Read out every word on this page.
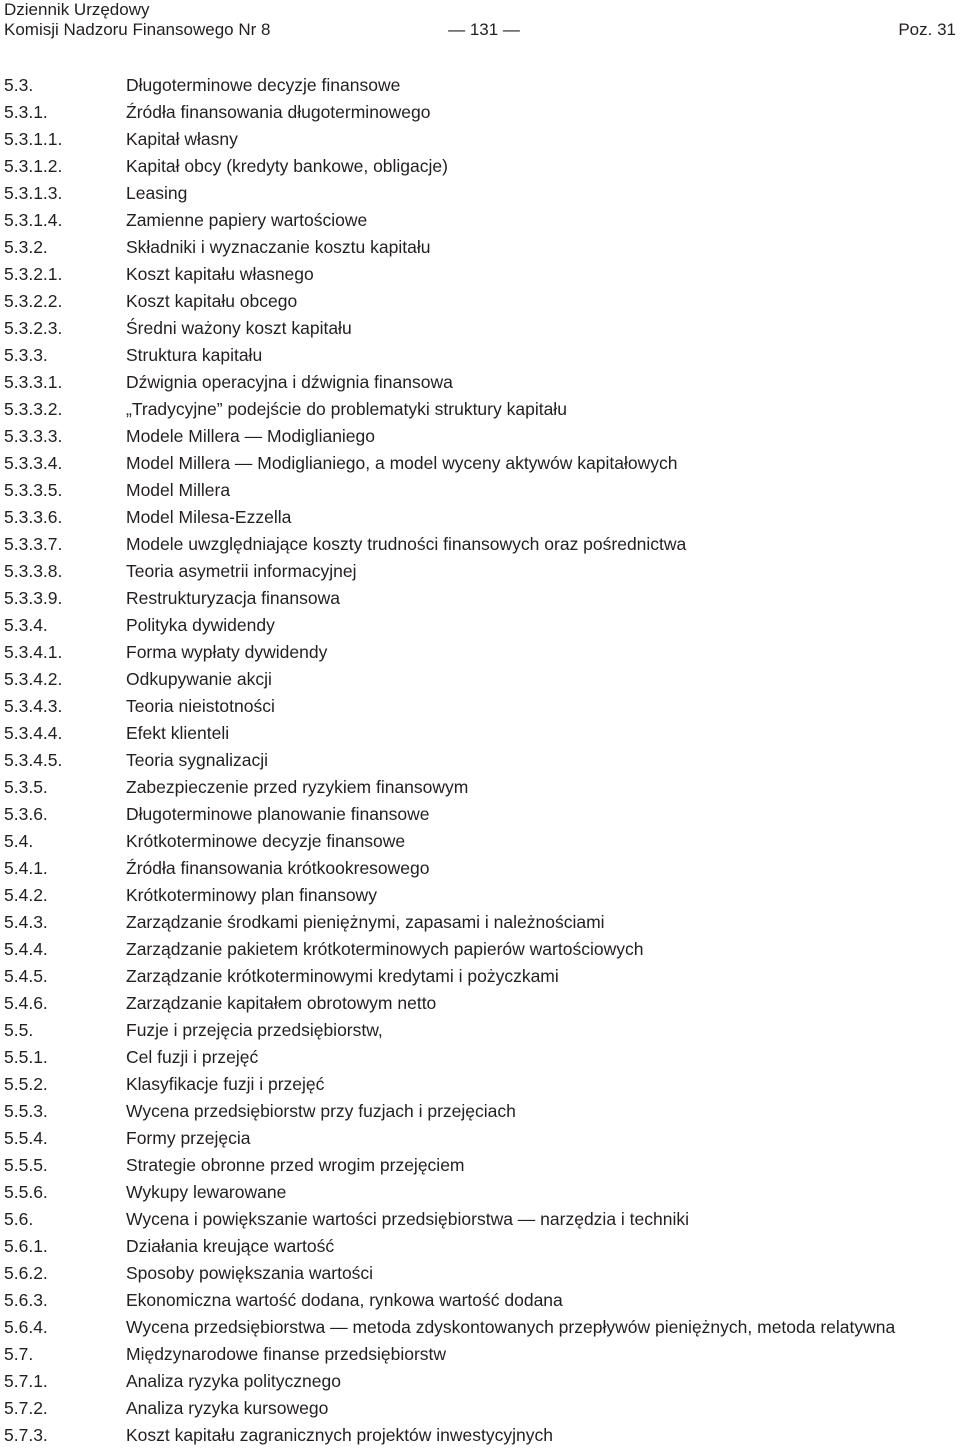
Dziennik Urzędowy
Komisji Nadzoru Finansowego Nr 8	— 131 —	Poz. 31
5.3.	Długoterminowe decyzje finansowe
5.3.1.	Źródła finansowania długoterminowego
5.3.1.1.	Kapitał własny
5.3.1.2.	Kapitał obcy (kredyty bankowe, obligacje)
5.3.1.3.	Leasing
5.3.1.4.	Zamienne papiery wartościowe
5.3.2.	Składniki i wyznaczanie kosztu kapitału
5.3.2.1.	Koszt kapitału własnego
5.3.2.2.	Koszt kapitału obcego
5.3.2.3.	Średni ważony koszt kapitału
5.3.3.	Struktura kapitału
5.3.3.1.	Dźwignia operacyjna i dźwignia finansowa
5.3.3.2.	„Tradycyjne” podejście do problematyki struktury kapitału
5.3.3.3.	Modele Millera — Modiglianiego
5.3.3.4.	Model Millera — Modiglianiego, a model wyceny aktywów kapitałowych
5.3.3.5.	Model Millera
5.3.3.6.	Model Milesa-Ezzella
5.3.3.7.	Modele uwzględniające koszty trudności finansowych oraz pośrednictwa
5.3.3.8.	Teoria asymetrii informacyjnej
5.3.3.9.	Restrukturyzacja finansowa
5.3.4.	Polityka dywidendy
5.3.4.1.	Forma wypłaty dywidendy
5.3.4.2.	Odkupywanie akcji
5.3.4.3.	Teoria nieistotności
5.3.4.4.	Efekt klienteli
5.3.4.5.	Teoria sygnalizacji
5.3.5.	Zabezpieczenie przed ryzykiem finansowym
5.3.6.	Długoterminowe planowanie finansowe
5.4.	Krótkoterminowe decyzje finansowe
5.4.1.	Źródła finansowania krótkookresowego
5.4.2.	Krótkoterminowy plan finansowy
5.4.3.	Zarządzanie środkami pieniężnymi, zapasami i należnościami
5.4.4.	Zarządzanie pakietem krótkoterminowych papierów wartościowych
5.4.5.	Zarządzanie krótkoterminowymi kredytami i pożyczkami
5.4.6.	Zarządzanie kapitałem obrotowym netto
5.5.	Fuzje i przejęcia przedsiębiorstw,
5.5.1.	Cel fuzji i przejęć
5.5.2.	Klasyfikacje fuzji i przejęć
5.5.3.	Wycena przedsiębiorstw przy fuzjach i przejęciach
5.5.4.	Formy przejęcia
5.5.5.	Strategie obronne przed wrogim przejęciem
5.5.6.	Wykupy lewarowane
5.6.	Wycena i powiększanie wartości przedsiębiorstwa — narzędzia i techniki
5.6.1.	Działania kreujące wartość
5.6.2.	Sposoby powiększania wartości
5.6.3.	Ekonomiczna wartość dodana, rynkowa wartość dodana
5.6.4.	Wycena przedsiębiorstwa — metoda zdyskontowanych przepływów pieniężnych, metoda relatywna
5.7.	Międzynarodowe finanse przedsiębiorstw
5.7.1.	Analiza ryzyka politycznego
5.7.2.	Analiza ryzyka kursowego
5.7.3.	Koszt kapitału zagranicznych projektów inwestycyjnych
